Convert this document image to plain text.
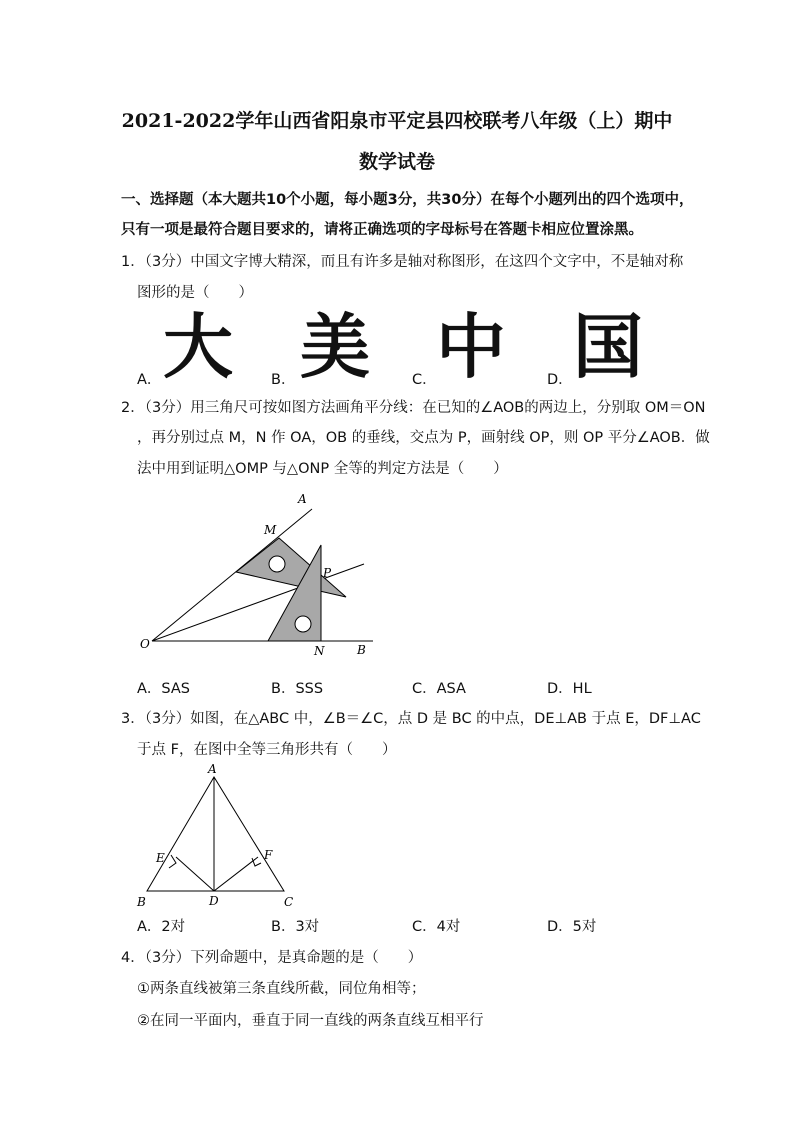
2021-2022学年山西省阳泉市平定县四校联考八年级（上）期中
数学试卷
一、选择题（本大题共10个小题，每小题3分，共30分）在每个小题列出的四个选项中，
只有一项是最符合题目要求的，请将正确选项的字母标号在答题卡相应位置涂黑。
1．（3分）中国文字博大精深，而且有许多是轴对称图形，在这四个文字中，不是轴对称
图形的是（　　）
A． 大	B． 美	C． 中	D． 国
2．（3分）用三角尺可按如图方法画角平分线：在已知的∠AOB的两边上，分别取 OM＝ON
，再分别过点 M，N 作 OA，OB 的垂线，交点为 P，画射线 OP，则 OP 平分∠AOB．做
法中用到证明△OMP 与△ONP 全等的判定方法是（　　）
A
M
P
O	N	B
A．SAS	B．SSS	C．ASA	D．HL
3．（3分）如图，在△ABC 中，∠B＝∠C，点 D 是 BC 的中点，DE⊥AB 于点 E，DF⊥AC
于点 F，在图中全等三角形共有（　　）
A
E	F
B	D	C
A．2对	B．3对	C．4对	D．5对
4．（3分）下列命题中，是真命题的是（　　）
①两条直线被第三条直线所截，同位角相等；
②在同一平面内，垂直于同一直线的两条直线互相平行
